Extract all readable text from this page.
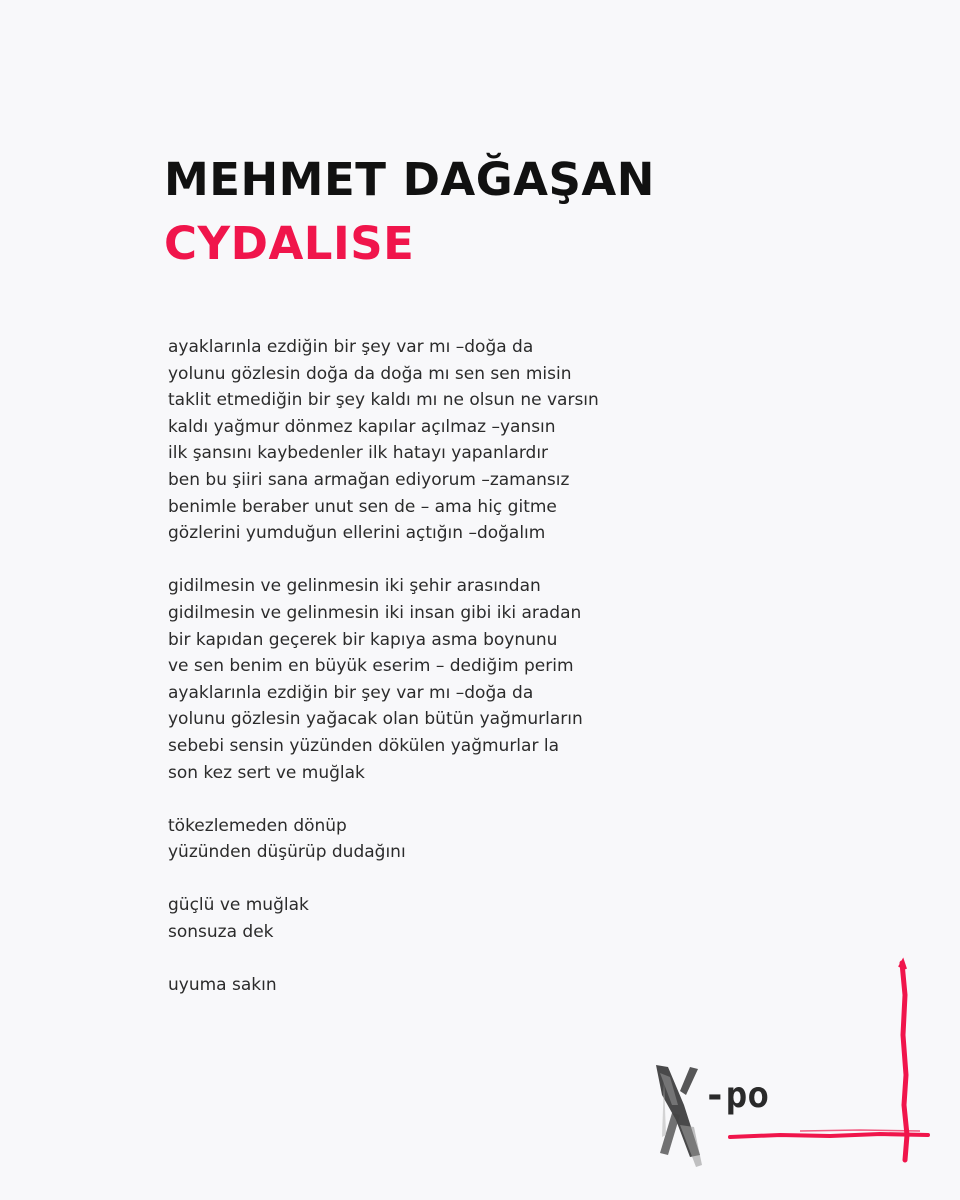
MEHMET DAĞAŞAN
CYDALISE
ayaklarınla ezdiğin bir şey var mı –doğa da
yolunu gözlesin doğa da doğa mı sen sen misin
taklit etmediğin bir şey kaldı mı ne olsun ne varsın
kaldı yağmur dönmez kapılar açılmaz –yansın
ilk şansını kaybedenler ilk hatayı yapanlardır
ben bu şiiri sana armağan ediyorum –zamansız
benimle beraber unut sen de – ama hiç gitme
gözlerini yumduğun ellerini açtığın –doğalım
gidilmesin ve gelinmesin iki şehir arasından
gidilmesin ve gelinmesin iki insan gibi iki aradan
bir kapıdan geçerek bir kapıya asma boynunu
ve sen benim en büyük eserim – dediğim perim
ayaklarınla ezdiğin bir şey var mı –doğa da
yolunu gözlesin yağacak olan bütün yağmurların
sebebi sensin yüzünden dökülen yağmurlar la
son kez sert ve muğlak
tökezlemeden dönüp
yüzünden düşürüp dudağını
güçlü ve muğlak
sonsuza dek
uyuma sakın
-po
